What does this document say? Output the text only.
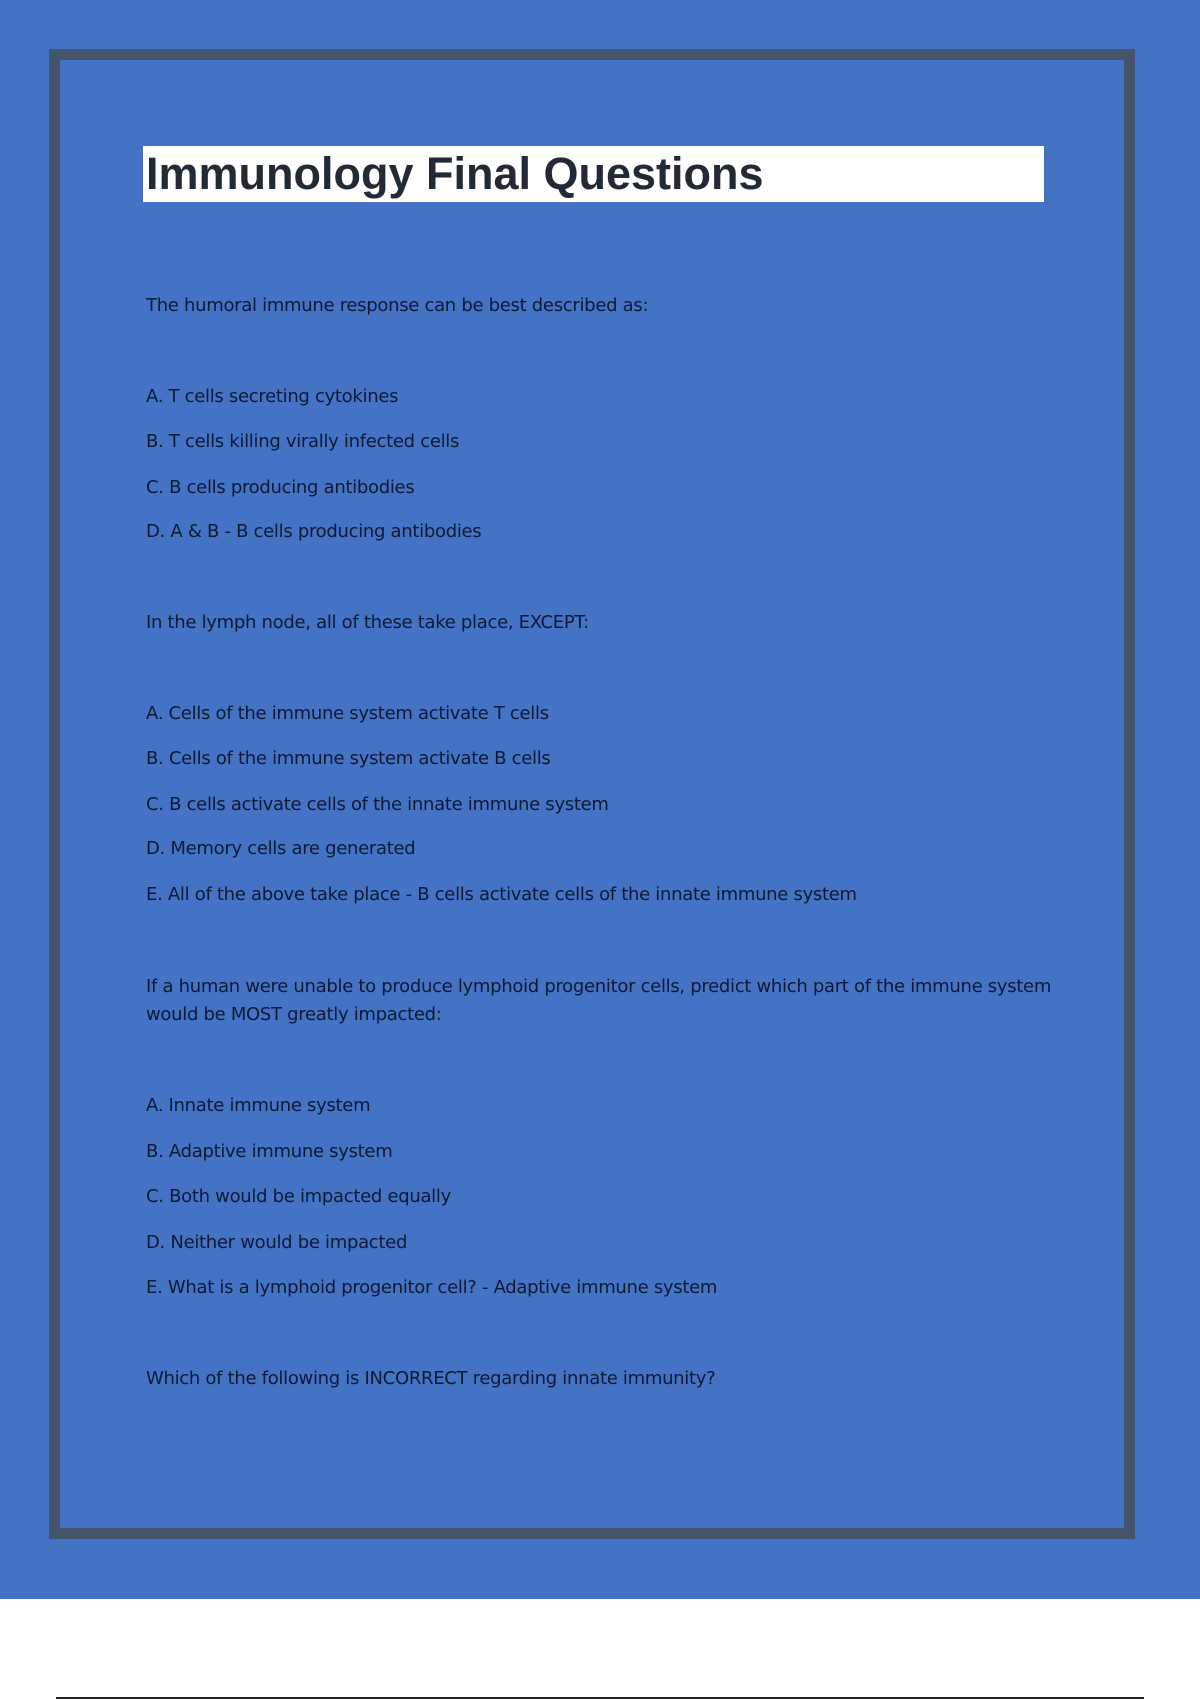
Immunology Final Questions
The humoral immune response can be best described as:
A. T cells secreting cytokines
B. T cells killing virally infected cells
C. B cells producing antibodies
D. A & B - B cells producing antibodies
In the lymph node, all of these take place, EXCEPT:
A. Cells of the immune system activate T cells
B. Cells of the immune system activate B cells
C. B cells activate cells of the innate immune system
D. Memory cells are generated
E. All of the above take place - B cells activate cells of the innate immune system
If a human were unable to produce lymphoid progenitor cells, predict which part of the immune system would be MOST greatly impacted:
A. Innate immune system
B. Adaptive immune system
C. Both would be impacted equally
D. Neither would be impacted
E. What is a lymphoid progenitor cell? - Adaptive immune system
Which of the following is INCORRECT regarding innate immunity?
